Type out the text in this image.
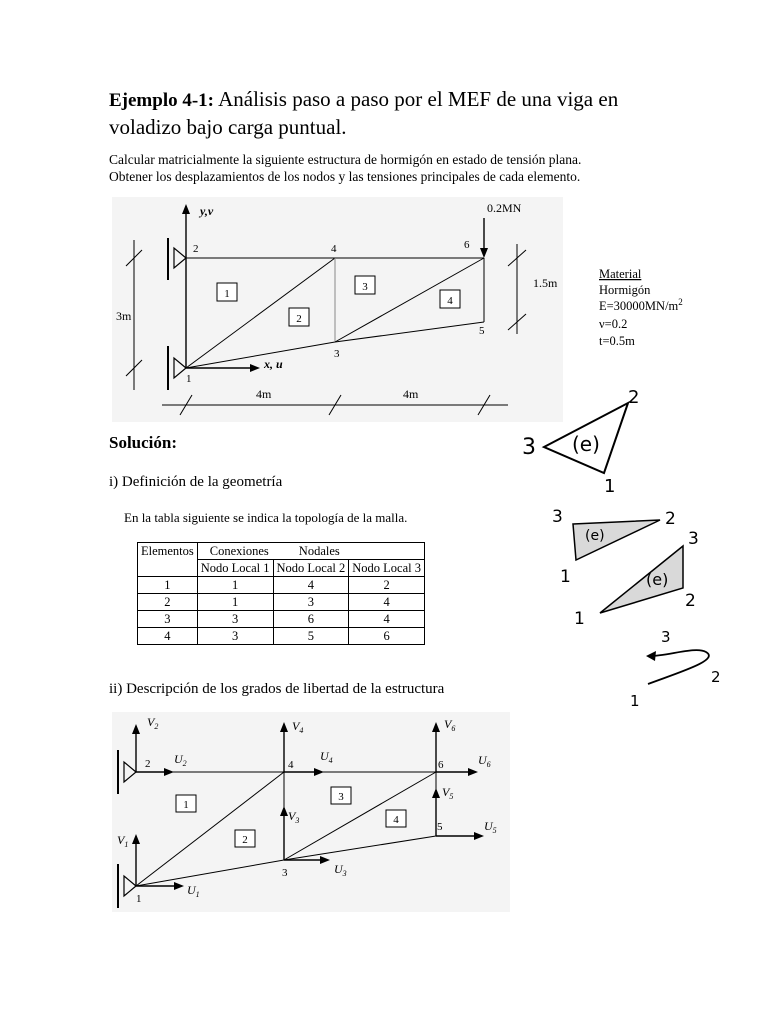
Ejemplo 4-1: Análisis paso a paso por el MEF de una viga en
voladizo bajo carga puntual.
Calcular matricialmente la siguiente estructura de hormigón en estado de tensión plana.
Obtener los desplazamientos de los nodos y las tensiones principales de cada elemento.
y,v
x, u
0.2MN
2	4	6
1
3
5
1
2
3
4
3m
1.5m
4m	4m
Material
Hormigón
$E=30000MN/m^2$
ν=0.2
t=0.5m
Solución:
i) Definición de la geometría
En la tabla siguiente se indica la topología de la malla.
Elementos	Conexiones Nodales		
	Nodo Local 1	Nodo Local 2	Nodo Local 3
1	1	4	2
2	1	3	4
3	3	6	4
4	3	5	6
(e)
3
2
1
(e)
3	2
1	(e)
3
2
1
3
2
1
ii) Descripción de los grados de libertad de la estructura
2	4	6
1
3
5
1
2
3
4
$V_2$
$U_2$
$V_1$
$U_1$
$V_4$
$U_4$
$V_3$
$U_3$
$V_6$
$U_6$
$V_5$
$U_5$
